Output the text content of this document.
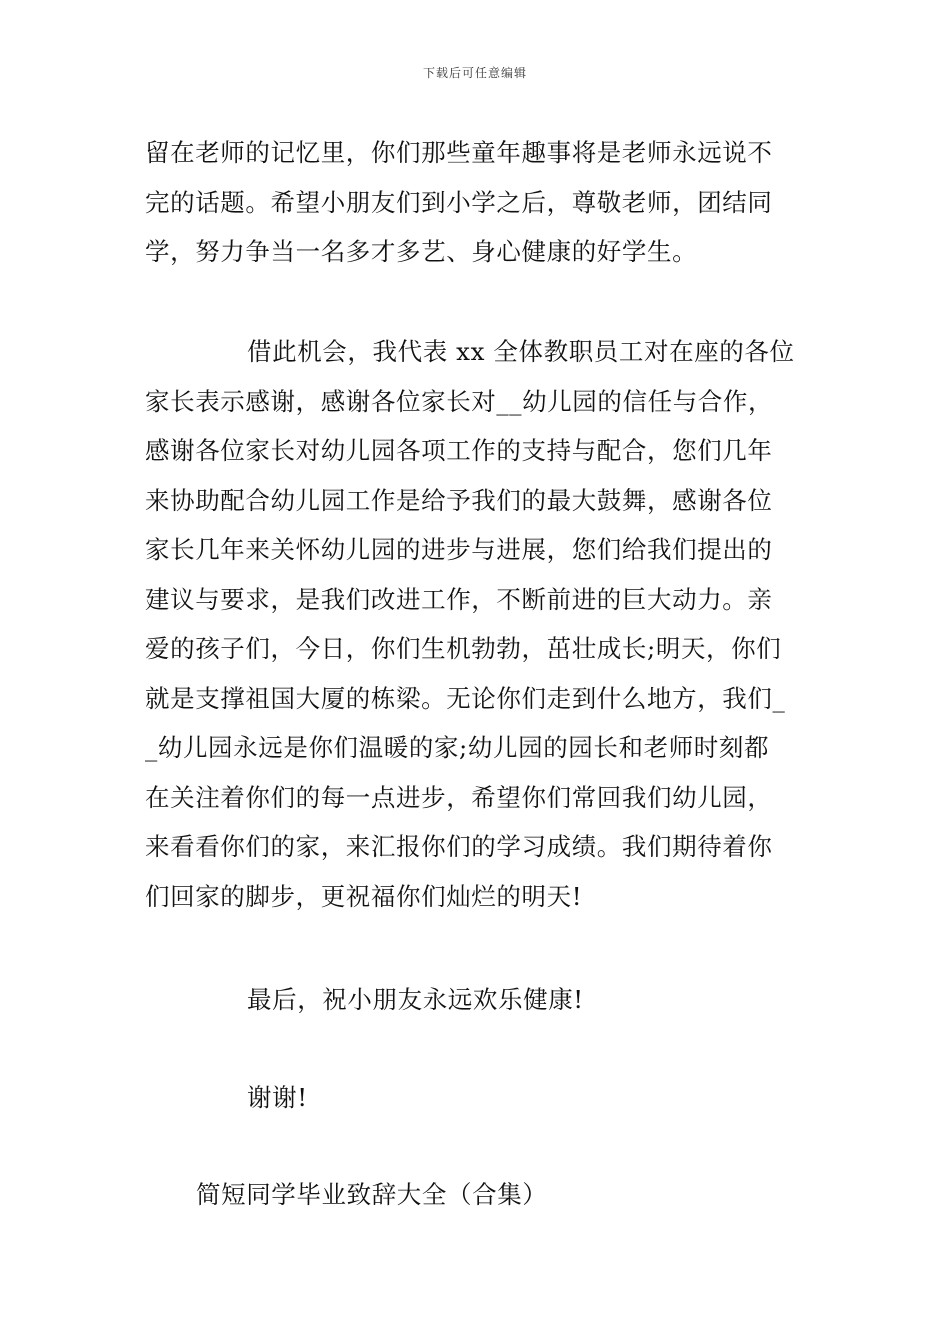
下载后可任意编辑
留在老师的记忆里，你们那些童年趣事将是老师永远说不
完的话题。希望小朋友们到小学之后，尊敬老师，团结同
学，努力争当一名多才多艺、身心健康的好学生。
借此机会，我代表 xx 全体教职员工对在座的各位
家长表示感谢，感谢各位家长对__幼儿园的信任与合作，
感谢各位家长对幼儿园各项工作的支持与配合，您们几年
来协助配合幼儿园工作是给予我们的最大鼓舞，感谢各位
家长几年来关怀幼儿园的进步与进展，您们给我们提出的
建议与要求，是我们改进工作，不断前进的巨大动力。亲
爱的孩子们，今日，你们生机勃勃，茁壮成长;明天，你们
就是支撑祖国大厦的栋梁。无论你们走到什么地方，我们_
_幼儿园永远是你们温暖的家;幼儿园的园长和老师时刻都
在关注着你们的每一点进步，希望你们常回我们幼儿园，
来看看你们的家，来汇报你们的学习成绩。我们期待着你
们回家的脚步，更祝福你们灿烂的明天!
最后，祝小朋友永远欢乐健康!
谢谢!
简短同学毕业致辞大全（合集）
